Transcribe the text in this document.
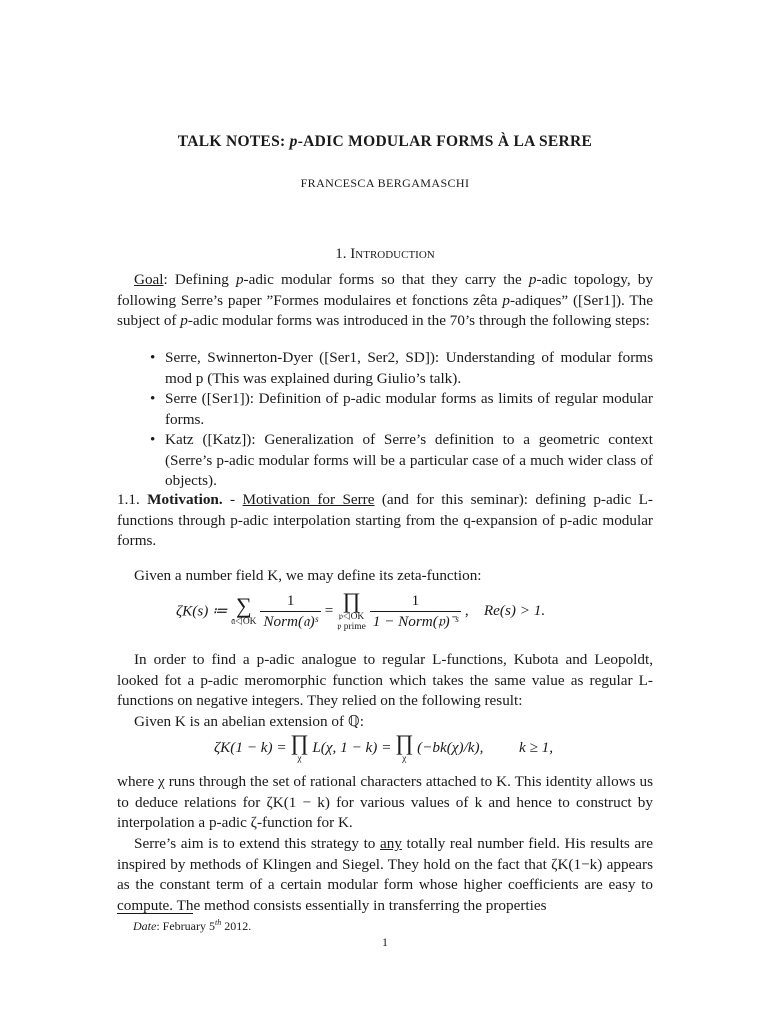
TALK NOTES: p-ADIC MODULAR FORMS À LA SERRE
FRANCESCA BERGAMASCHI
1. Introduction
Goal: Defining p-adic modular forms so that they carry the p-adic topology, by following Serre’s paper ”Formes modulaires et fonctions zêta p-adiques” ([Ser1]). The subject of p-adic modular forms was introduced in the 70’s through the following steps:
• Serre, Swinnerton-Dyer ([Ser1, Ser2, SD]): Understanding of modular forms mod p (This was explained during Giulio’s talk).
• Serre ([Ser1]): Definition of p-adic modular forms as limits of regular modular forms.
• Katz ([Katz]): Generalization of Serre’s definition to a geometric context (Serre’s p-adic modular forms will be a particular case of a much wider class of objects).
1.1. Motivation. - Motivation for Serre (and for this seminar): defining p-adic L-functions through p-adic interpolation starting from the q-expansion of p-adic modular forms.
Given a number field K, we may define its zeta-function:
ζK(s) ≔ ∑
𝔞◁OK
$\frac{1}{\text{Norm(𝔞)ˢ}}$ = ∏
𝔭◁OK
𝔭 prime
$\frac{1}{\text{1 − Norm(𝔭)⁻ˢ}}$ ,    Re(s) > 1.
In order to find a p-adic analogue to regular L-functions, Kubota and Leopoldt, looked fot a p-adic meromorphic function which takes the same value as regular L-functions on negative integers. They relied on the following result:
Given K is an abelian extension of ℚ:
ζK(1 − k) = ∏
χ
L(χ, 1 − k) = ∏
χ
(−bk(χ)/k), k ≥ 1,
where χ runs through the set of rational characters attached to K. This identity allows us to deduce relations for ζK(1 − k) for various values of k and hence to construct by interpolation a p-adic ζ-function for K.
Serre’s aim is to extend this strategy to any totally real number field. His results are inspired by methods of Klingen and Siegel. They hold on the fact that ζK(1−k) appears as the constant term of a certain modular form whose higher coefficients are easy to compute. The method consists essentially in transferring the properties
Date: February 5th 2012.
1
